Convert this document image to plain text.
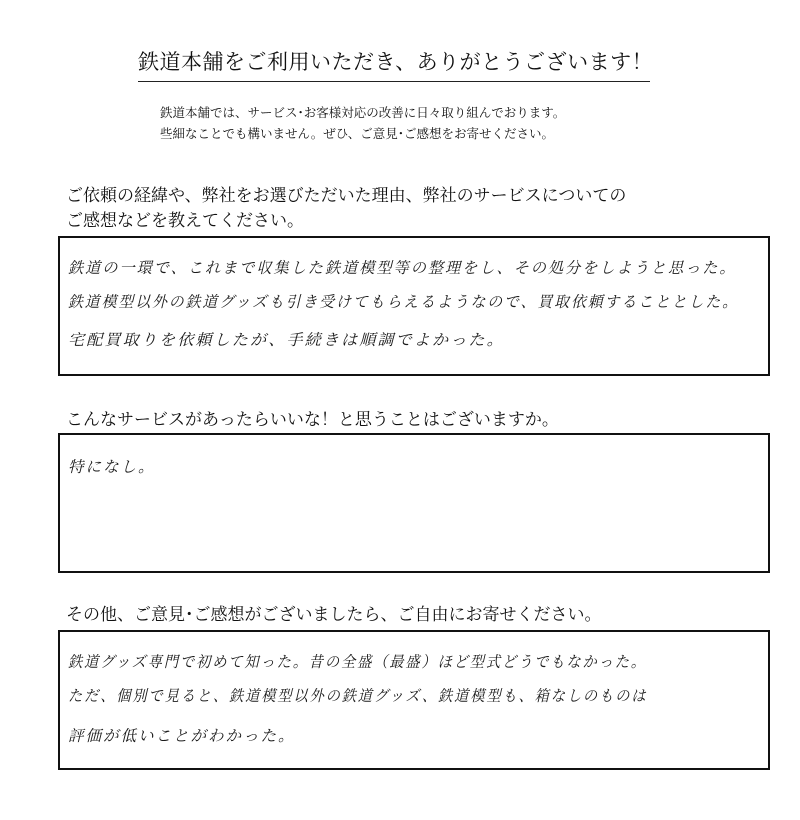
鉄道本舗をご利用いただき、ありがとうございます！
鉄道本舗では、サービス･お客様対応の改善に日々取り組んでおります。
些細なことでも構いません。ぜひ、ご意見･ご感想をお寄せください。
ご依頼の経緯や、弊社をお選びただいた理由、弊社のサービスについての
ご感想などを教えてください。
鉄道の一環で、これまで収集した鉄道模型等の整理をし、その処分をしようと思った。
鉄道模型以外の鉄道グッズも引き受けてもらえるようなので、買取依頼することとした。
宅配買取りを依頼したが、手続きは順調でよかった。
こんなサービスがあったらいいな！と思うことはございますか。
特になし。
その他、ご意見･ご感想がございましたら、ご自由にお寄せください。
鉄道グッズ専門で初めて知った。昔の全盛（最盛）ほど型式どうでもなかった。
ただ、個別で見ると、鉄道模型以外の鉄道グッズ、鉄道模型も、箱なしのものは
評価が低いことがわかった。
